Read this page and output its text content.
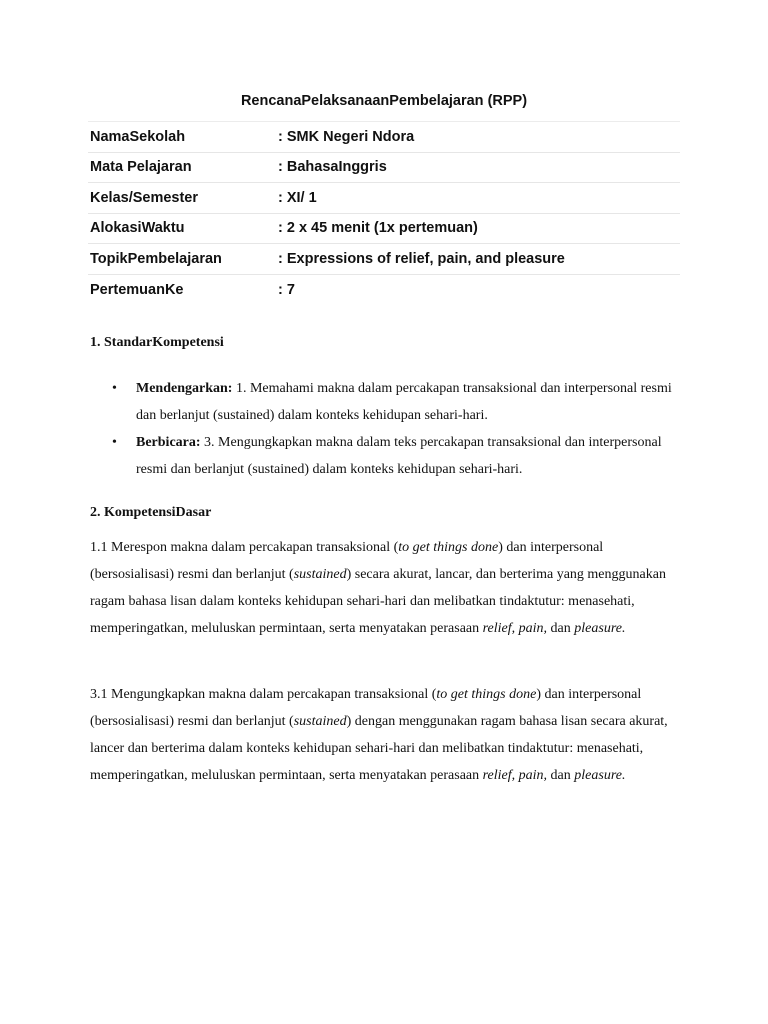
RencanaPelaksanaanPembelajaran (RPP)
NamaSekolah	: SMK Negeri Ndora
Mata Pelajaran	: BahasaInggris
Kelas/Semester	: XI/ 1
AlokasiWaktu	: 2 x 45 menit (1x pertemuan)
TopikPembelajaran	: Expressions of relief, pain, and pleasure
PertemuanKe	: 7
1. StandarKompetensi
• Mendengarkan: 1. Memahami makna dalam percakapan transaksional dan interpersonal resmi dan berlanjut (sustained) dalam konteks kehidupan sehari-hari.
• Berbicara: 3. Mengungkapkan makna dalam teks percakapan transaksional dan interpersonal resmi dan berlanjut (sustained) dalam konteks kehidupan sehari-hari.
2. KompetensiDasar

1.1 Merespon makna dalam percakapan transaksional (to get things done) dan interpersonal (bersosialisasi) resmi dan berlanjut (sustained) secara akurat, lancar, dan berterima yang menggunakan ragam bahasa lisan dalam konteks kehidupan sehari-hari dan melibatkan tindaktutur: menasehati, memperingatkan, meluluskan permintaan, serta menyatakan perasaan relief, pain, dan pleasure.

3.1 Mengungkapkan makna dalam percakapan transaksional (to get things done) dan interpersonal (bersosialisasi) resmi dan berlanjut (sustained) dengan menggunakan ragam bahasa lisan secara akurat, lancer dan berterima dalam konteks kehidupan sehari-hari dan melibatkan tindaktutur: menasehati, memperingatkan, meluluskan permintaan, serta menyatakan perasaan relief, pain, dan pleasure.
